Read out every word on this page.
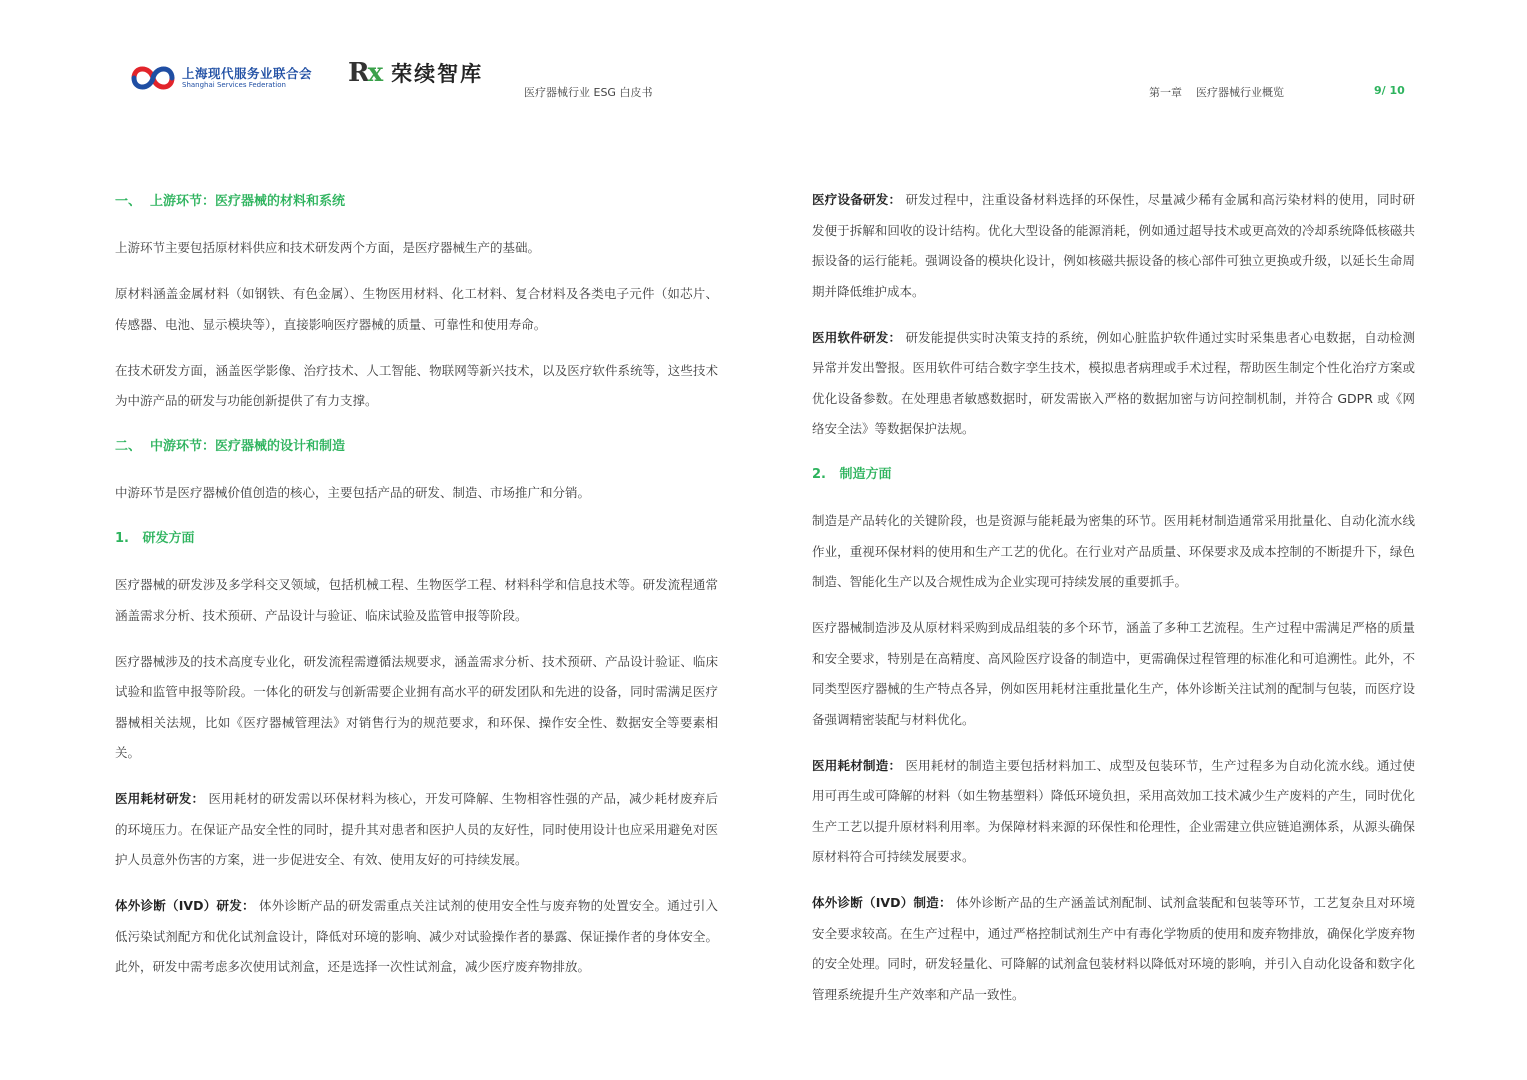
上海现代服务业联合会
Shanghai Services Federation	Rx 荣续智库
医疗器械行业 ESG 白皮书	第一章    医疗器械行业概览	9/ 10
一、  上游环节：医疗器械的材料和系统
上游环节主要包括原材料供应和技术研发两个方面，是医疗器械生产的基础。
原材料涵盖金属材料（如钢铁、有色金属）、生物医用材料、化工材料、复合材料及各类电子元件（如芯片、传感器、电池、显示模块等），直接影响医疗器械的质量、可靠性和使用寿命。
在技术研发方面，涵盖医学影像、治疗技术、人工智能、物联网等新兴技术，以及医疗软件系统等，这些技术为中游产品的研发与功能创新提供了有力支撑。
二、  中游环节：医疗器械的设计和制造
中游环节是医疗器械价值创造的核心，主要包括产品的研发、制造、市场推广和分销。
1.   研发方面
医疗器械的研发涉及多学科交叉领域，包括机械工程、生物医学工程、材料科学和信息技术等。研发流程通常涵盖需求分析、技术预研、产品设计与验证、临床试验及监管申报等阶段。
医疗器械涉及的技术高度专业化，研发流程需遵循法规要求，涵盖需求分析、技术预研、产品设计验证、临床试验和监管申报等阶段。一体化的研发与创新需要企业拥有高水平的研发团队和先进的设备，同时需满足医疗器械相关法规，比如《医疗器械管理法》对销售行为的规范要求，和环保、操作安全性、数据安全等要素相关。
医用耗材研发： 医用耗材的研发需以环保材料为核心，开发可降解、生物相容性强的产品，减少耗材废弃后的环境压力。在保证产品安全性的同时，提升其对患者和医护人员的友好性，同时使用设计也应采用避免对医护人员意外伤害的方案，进一步促进安全、有效、使用友好的可持续发展。
体外诊断（IVD）研发： 体外诊断产品的研发需重点关注试剂的使用安全性与废弃物的处置安全。通过引入低污染试剂配方和优化试剂盒设计，降低对环境的影响、减少对试验操作者的暴露、保证操作者的身体安全。此外，研发中需考虑多次使用试剂盒，还是选择一次性试剂盒，减少医疗废弃物排放。
医疗设备研发： 研发过程中，注重设备材料选择的环保性，尽量减少稀有金属和高污染材料的使用，同时研发便于拆解和回收的设计结构。优化大型设备的能源消耗，例如通过超导技术或更高效的冷却系统降低核磁共振设备的运行能耗。强调设备的模块化设计，例如核磁共振设备的核心部件可独立更换或升级，以延长生命周期并降低维护成本。
医用软件研发： 研发能提供实时决策支持的系统，例如心脏监护软件通过实时采集患者心电数据，自动检测异常并发出警报。医用软件可结合数字孪生技术，模拟患者病理或手术过程，帮助医生制定个性化治疗方案或优化设备参数。在处理患者敏感数据时，研发需嵌入严格的数据加密与访问控制机制，并符合 GDPR 或《网络安全法》等数据保护法规。
2.   制造方面
制造是产品转化的关键阶段，也是资源与能耗最为密集的环节。医用耗材制造通常采用批量化、自动化流水线作业，重视环保材料的使用和生产工艺的优化。在行业对产品质量、环保要求及成本控制的不断提升下，绿色制造、智能化生产以及合规性成为企业实现可持续发展的重要抓手。
医疗器械制造涉及从原材料采购到成品组装的多个环节，涵盖了多种工艺流程。生产过程中需满足严格的质量和安全要求，特别是在高精度、高风险医疗设备的制造中，更需确保过程管理的标准化和可追溯性。此外，不同类型医疗器械的生产特点各异，例如医用耗材注重批量化生产，体外诊断关注试剂的配制与包装，而医疗设备强调精密装配与材料优化。
医用耗材制造： 医用耗材的制造主要包括材料加工、成型及包装环节，生产过程多为自动化流水线。通过使用可再生或可降解的材料（如生物基塑料）降低环境负担，采用高效加工技术减少生产废料的产生，同时优化生产工艺以提升原材料利用率。为保障材料来源的环保性和伦理性，企业需建立供应链追溯体系，从源头确保原材料符合可持续发展要求。
体外诊断（IVD）制造： 体外诊断产品的生产涵盖试剂配制、试剂盒装配和包装等环节，工艺复杂且对环境安全要求较高。在生产过程中，通过严格控制试剂生产中有毒化学物质的使用和废弃物排放，确保化学废弃物的安全处理。同时，研发轻量化、可降解的试剂盒包装材料以降低对环境的影响，并引入自动化设备和数字化管理系统提升生产效率和产品一致性。
